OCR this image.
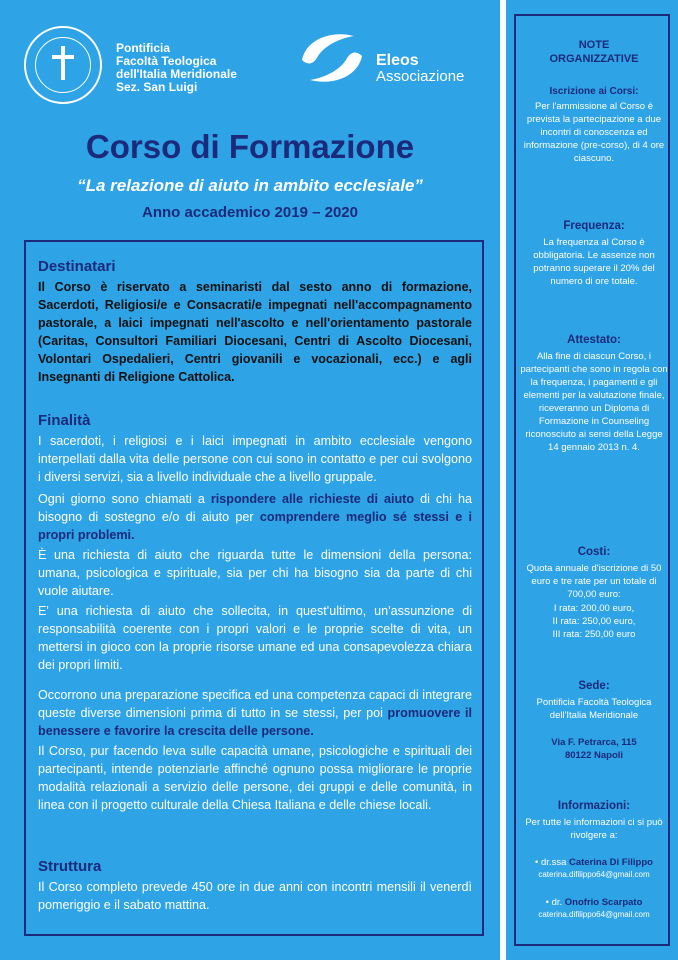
Pontificia
Facoltà Teologica
dell'Italia Meridionale
Sez. San Luigi
Eleos
Associazione
Corso di Formazione
“La relazione di aiuto in ambito ecclesiale”
Anno accademico 2019 – 2020
Destinatari
Il Corso è riservato a seminaristi dal sesto anno di formazione, Sacerdoti, Religiosi/e e Consacrati/e impegnati nell'accompagnamento pastorale, a laici impegnati nell'ascolto e nell'orientamento pastorale (Caritas, Consultori Familiari Diocesani, Centri di Ascolto Diocesani, Volontari Ospedalieri, Centri giovanili e vocazionali, ecc.) e agli Insegnanti di Religione Cattolica.
Finalità
I sacerdoti, i religiosi e i laici impegnati in ambito ecclesiale vengono interpellati dalla vita delle persone con cui sono in contatto e per cui svolgono i diversi servizi, sia a livello individuale che a livello gruppale.
Ogni giorno sono chiamati a rispondere alle richieste di aiuto di chi ha bisogno di sostegno e/o di aiuto per comprendere meglio sé stessi e i propri problemi.
È una richiesta di aiuto che riguarda tutte le dimensioni della persona: umana, psicologica e spirituale, sia per chi ha bisogno sia da parte di chi vuole aiutare.
E' una richiesta di aiuto che sollecita, in quest'ultimo, un'assunzione di responsabilità coerente con i propri valori e le proprie scelte di vita, un mettersi in gioco con la proprie risorse umane ed una consapevolezza chiara dei propri limiti.
Occorrono una preparazione specifica ed una competenza capaci di integrare queste diverse dimensioni prima di tutto in se stessi, per poi promuovere il benessere e favorire la crescita delle persone.
Il Corso, pur facendo leva sulle capacità umane, psicologiche e spirituali dei partecipanti, intende potenziarle affinché ognuno possa migliorare le proprie modalità relazionali a servizio delle persone, dei gruppi e delle comunità, in linea con il progetto culturale della Chiesa Italiana e delle chiese locali.
Struttura
Il Corso completo prevede 450 ore in due anni con incontri mensili il venerdì pomeriggio e il sabato mattina.
NOTE
ORGANIZZATIVE
Iscrizione ai Corsi:
Per l'ammissione al Corso è prevista la partecipazione a due incontri di conoscenza ed informazione (pre-corso), di 4 ore ciascuno.
Frequenza:
La frequenza al Corso è obbligatoria. Le assenze non potranno superare il 20% del numero di ore totale.
Attestato:
Alla fine di ciascun Corso, i partecipanti che sono in regola con la frequenza, i pagamenti e gli elementi per la valutazione finale, riceveranno un Diploma di Formazione in Counseling riconosciuto ai sensi della Legge 14 gennaio 2013 n. 4.
Costi:
Quota annuale d'iscrizione di 50 euro e tre rate per un totale di 700,00 euro:
I rata: 200,00 euro,
II rata: 250,00 euro,
III rata: 250,00 euro
Sede:
Pontificia Facoltà Teologica dell'Italia Meridionale
Via F. Petrarca, 115
80122 Napoli
Informazioni:
Per tutte le informazioni ci si può rivolgere a:
• dr.ssa Caterina Di Filippo
caterina.difilippo64@gmail.com
• dr. Onofrio Scarpato
caterina.difilippo64@gmail.com
